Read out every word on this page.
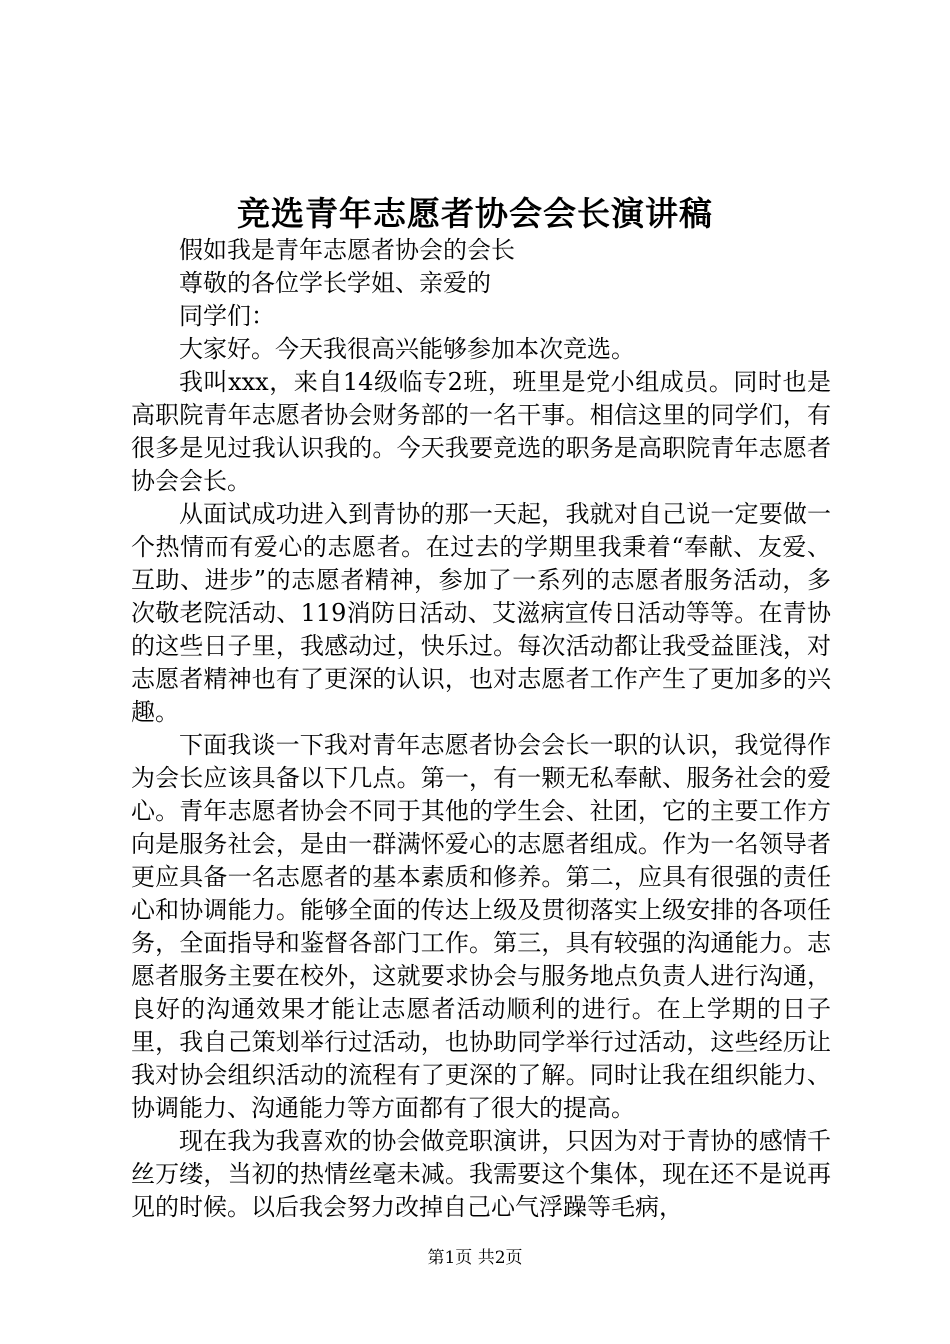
竞选青年志愿者协会会长演讲稿

假如我是青年志愿者协会的会长

尊敬的各位学长学姐、亲爱的

同学们：

大家好。今天我很高兴能够参加本次竞选。

我叫xxx，来自14级临专2班，班里是党小组成员。同时也是高职院青年志愿者协会财务部的一名干事。相信这里的同学们，有很多是见过我认识我的。今天我要竞选的职务是高职院青年志愿者协会会长。

从面试成功进入到青协的那一天起，我就对自己说一定要做一个热情而有爱心的志愿者。在过去的学期里我秉着“奉献、友爱、互助、进步”的志愿者精神，参加了一系列的志愿者服务活动，多次敬老院活动、119消防日活动、艾滋病宣传日活动等等。在青协的这些日子里，我感动过，快乐过。每次活动都让我受益匪浅，对志愿者精神也有了更深的认识，也对志愿者工作产生了更加多的兴趣。

下面我谈一下我对青年志愿者协会会长一职的认识，我觉得作为会长应该具备以下几点。第一，有一颗无私奉献、服务社会的爱心。青年志愿者协会不同于其他的学生会、社团，它的主要工作方向是服务社会，是由一群满怀爱心的志愿者组成。作为一名领导者更应具备一名志愿者的基本素质和修养。第二，应具有很强的责任心和协调能力。能够全面的传达上级及贯彻落实上级安排的各项任务，全面指导和鉴督各部门工作。第三，具有较强的沟通能力。志愿者服务主要在校外，这就要求协会与服务地点负责人进行沟通，良好的沟通效果才能让志愿者活动顺利的进行。在上学期的日子里，我自己策划举行过活动，也协助同学举行过活动，这些经历让我对协会组织活动的流程有了更深的了解。同时让我在组织能力、协调能力、沟通能力等方面都有了很大的提高。

现在我为我喜欢的协会做竞职演讲，只因为对于青协的感情千丝万缕，当初的热情丝毫未减。我需要这个集体，现在还不是说再见的时候。以后我会努力改掉自己心气浮躁等毛病，

第1页 共2页
